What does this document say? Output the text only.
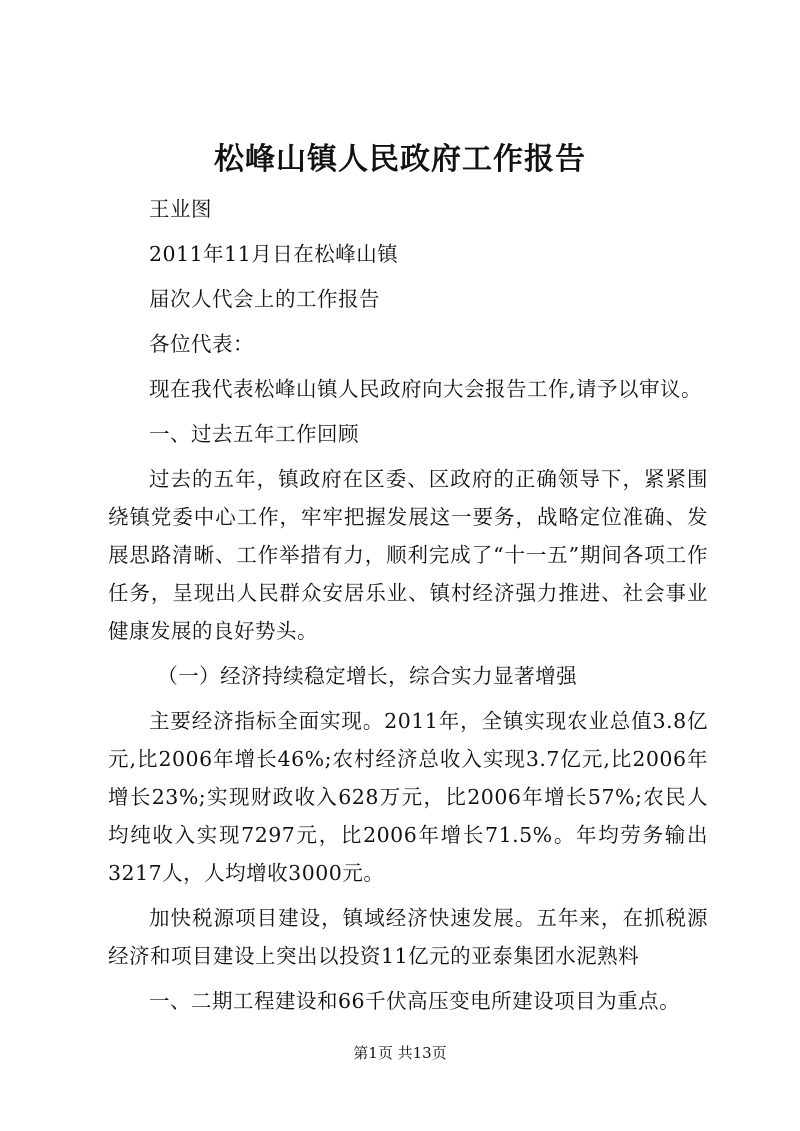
松峰山镇人民政府工作报告

王业图

2011年11月日在松峰山镇

届次人代会上的工作报告

各位代表：

现在我代表松峰山镇人民政府向大会报告工作,请予以审议。

一、过去五年工作回顾

过去的五年，镇政府在区委、区政府的正确领导下，紧紧围绕镇党委中心工作，牢牢把握发展这一要务，战略定位准确、发展思路清晰、工作举措有力，顺利完成了“十一五”期间各项工作任务，呈现出人民群众安居乐业、镇村经济强力推进、社会事业健康发展的良好势头。

（一）经济持续稳定增长，综合实力显著增强

主要经济指标全面实现。2011年，全镇实现农业总值3.8亿元,比2006年增长46%;农村经济总收入实现3.7亿元,比2006年增长23%;实现财政收入628万元，比2006年增长57%;农民人均纯收入实现7297元，比2006年增长71.5%。年均劳务输出3217人，人均增收3000元。

加快税源项目建设，镇域经济快速发展。五年来，在抓税源经济和项目建设上突出以投资11亿元的亚泰集团水泥熟料

一、二期工程建设和66千伏高压变电所建设项目为重点。

第1页 共13页
